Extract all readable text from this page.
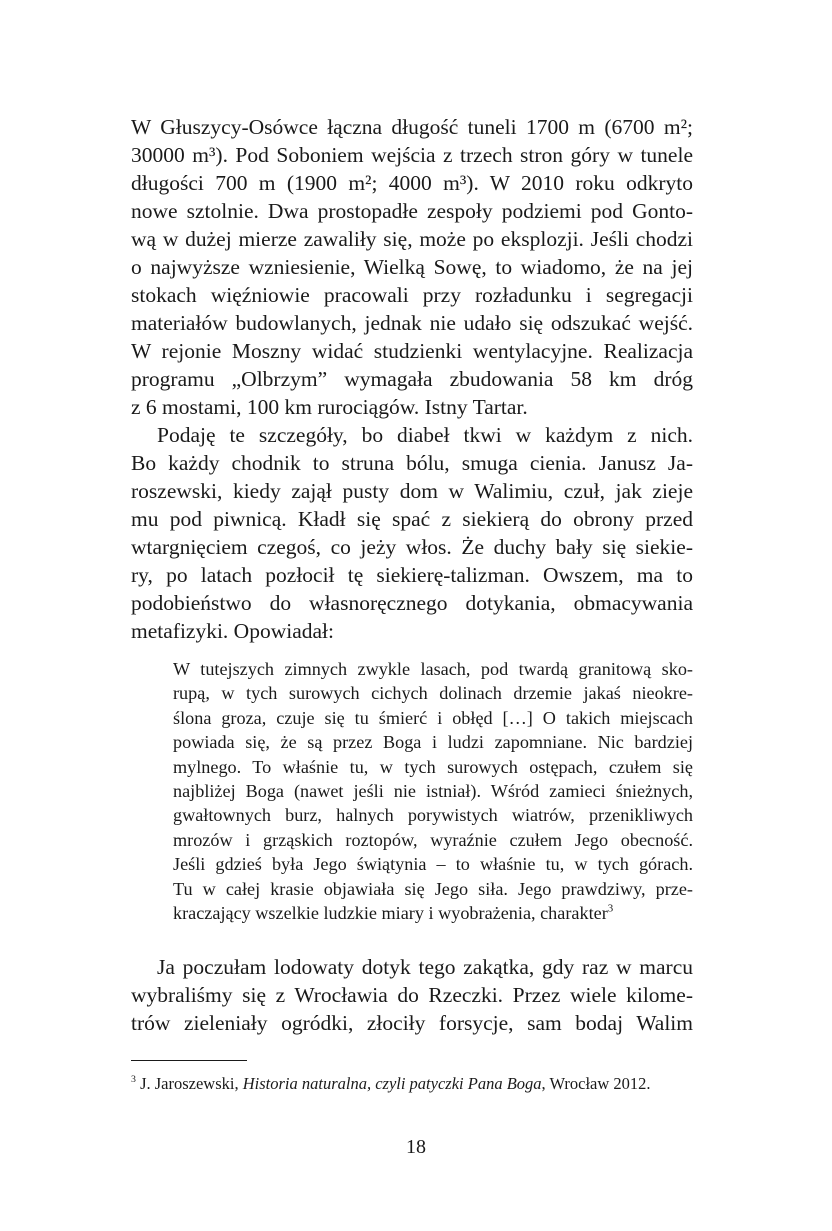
W Głuszycy-Osówce łączna długość tuneli 1700 m (6700 m²;
30000 m³). Pod Soboniem wejścia z trzech stron góry w tunele
długości 700 m (1900 m²; 4000 m³). W 2010 roku odkryto
nowe sztolnie. Dwa prostopadłe zespoły podziemi pod Gonto-
wą w dużej mierze zawaliły się, może po eksplozji. Jeśli chodzi
o najwyższe wzniesienie, Wielką Sowę, to wiadomo, że na jej
stokach więźniowie pracowali przy rozładunku i segregacji
materiałów budowlanych, jednak nie udało się odszukać wejść.
W rejonie Moszny widać studzienki wentylacyjne. Realizacja
programu „Olbrzym” wymagała zbudowania 58 km dróg
z 6 mostami, 100 km rurociągów. Istny Tartar.
Podaję te szczegóły, bo diabeł tkwi w każdym z nich.
Bo każdy chodnik to struna bólu, smuga cienia. Janusz Ja-
roszewski, kiedy zajął pusty dom w Walimiu, czuł, jak zieje
mu pod piwnicą. Kładł się spać z siekierą do obrony przed
wtargnięciem czegoś, co jeży włos. Że duchy bały się siekie-
ry, po latach pozłocił tę siekierę-talizman. Owszem, ma to
podobieństwo do własnoręcznego dotykania, obmacywania
metafizyki. Opowiadał:
W tutejszych zimnych zwykle lasach, pod twardą granitową sko-
rupą, w tych surowych cichych dolinach drzemie jakaś nieokre-
ślona groza, czuje się tu śmierć i obłęd […] O takich miejscach
powiada się, że są przez Boga i ludzi zapomniane. Nic bardziej
mylnego. To właśnie tu, w tych surowych ostępach, czułem się
najbliżej Boga (nawet jeśli nie istniał). Wśród zamieci śnieżnych,
gwałtownych burz, halnych porywistych wiatrów, przenikliwych
mrozów i grząskich roztopów, wyraźnie czułem Jego obecność.
Jeśli gdzieś była Jego świątynia – to właśnie tu, w tych górach.
Tu w całej krasie objawiała się Jego siła. Jego prawdziwy, prze-
kraczający wszelkie ludzkie miary i wyobrażenia, charakter$^3$
Ja poczułam lodowaty dotyk tego zakątka, gdy raz w marcu
wybraliśmy się z Wrocławia do Rzeczki. Przez wiele kilome-
trów zieleniały ogródki, złociły forsycje, sam bodaj Walim
$^3$ J. Jaroszewski, Historia naturalna, czyli patyczki Pana Boga, Wrocław 2012.
18
